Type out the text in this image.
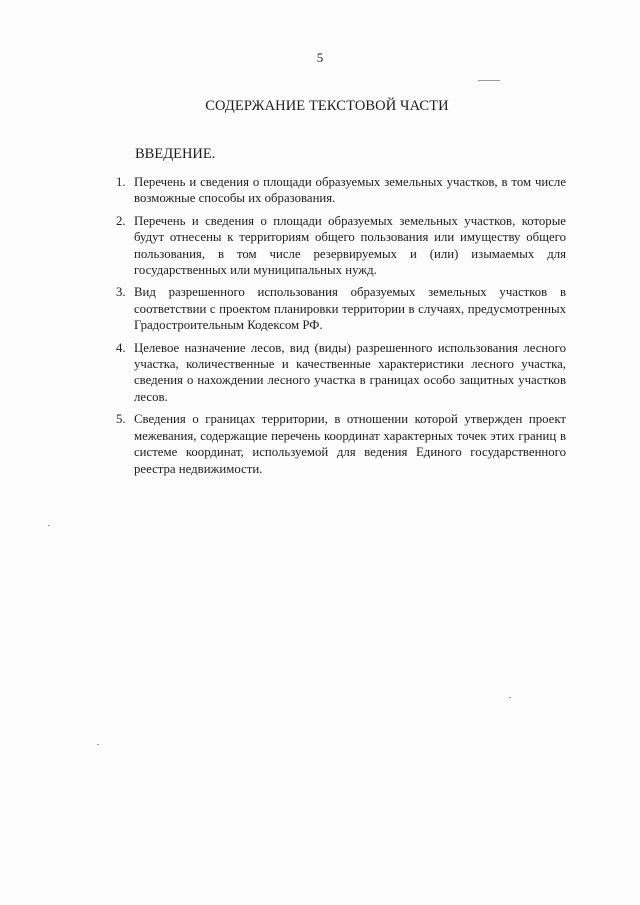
5
СОДЕРЖАНИЕ ТЕКСТОВОЙ ЧАСТИ
ВВЕДЕНИЕ.
1. Перечень и сведения о площади образуемых земельных участков, в том числе возможные способы их образования.
2. Перечень и сведения о площади образуемых земельных участков, которые будут отнесены к территориям общего пользования или имуществу общего пользования, в том числе резервируемых и (или) изымаемых для государственных или муниципальных нужд.
3. Вид разрешенного использования образуемых земельных участков в соответствии с проектом планировки территории в случаях, предусмотренных Градостроительным Кодексом РФ.
4. Целевое назначение лесов, вид (виды) разрешенного использования лесного участка, количественные и качественные характеристики лесного участка, сведения о нахождении лесного участка в границах особо защитных участков лесов.
5. Сведения о границах территории, в отношении которой утвержден проект межевания, содержащие перечень координат характерных точек этих границ в системе координат, используемой для ведения Единого государственного реестра недвижимости.
